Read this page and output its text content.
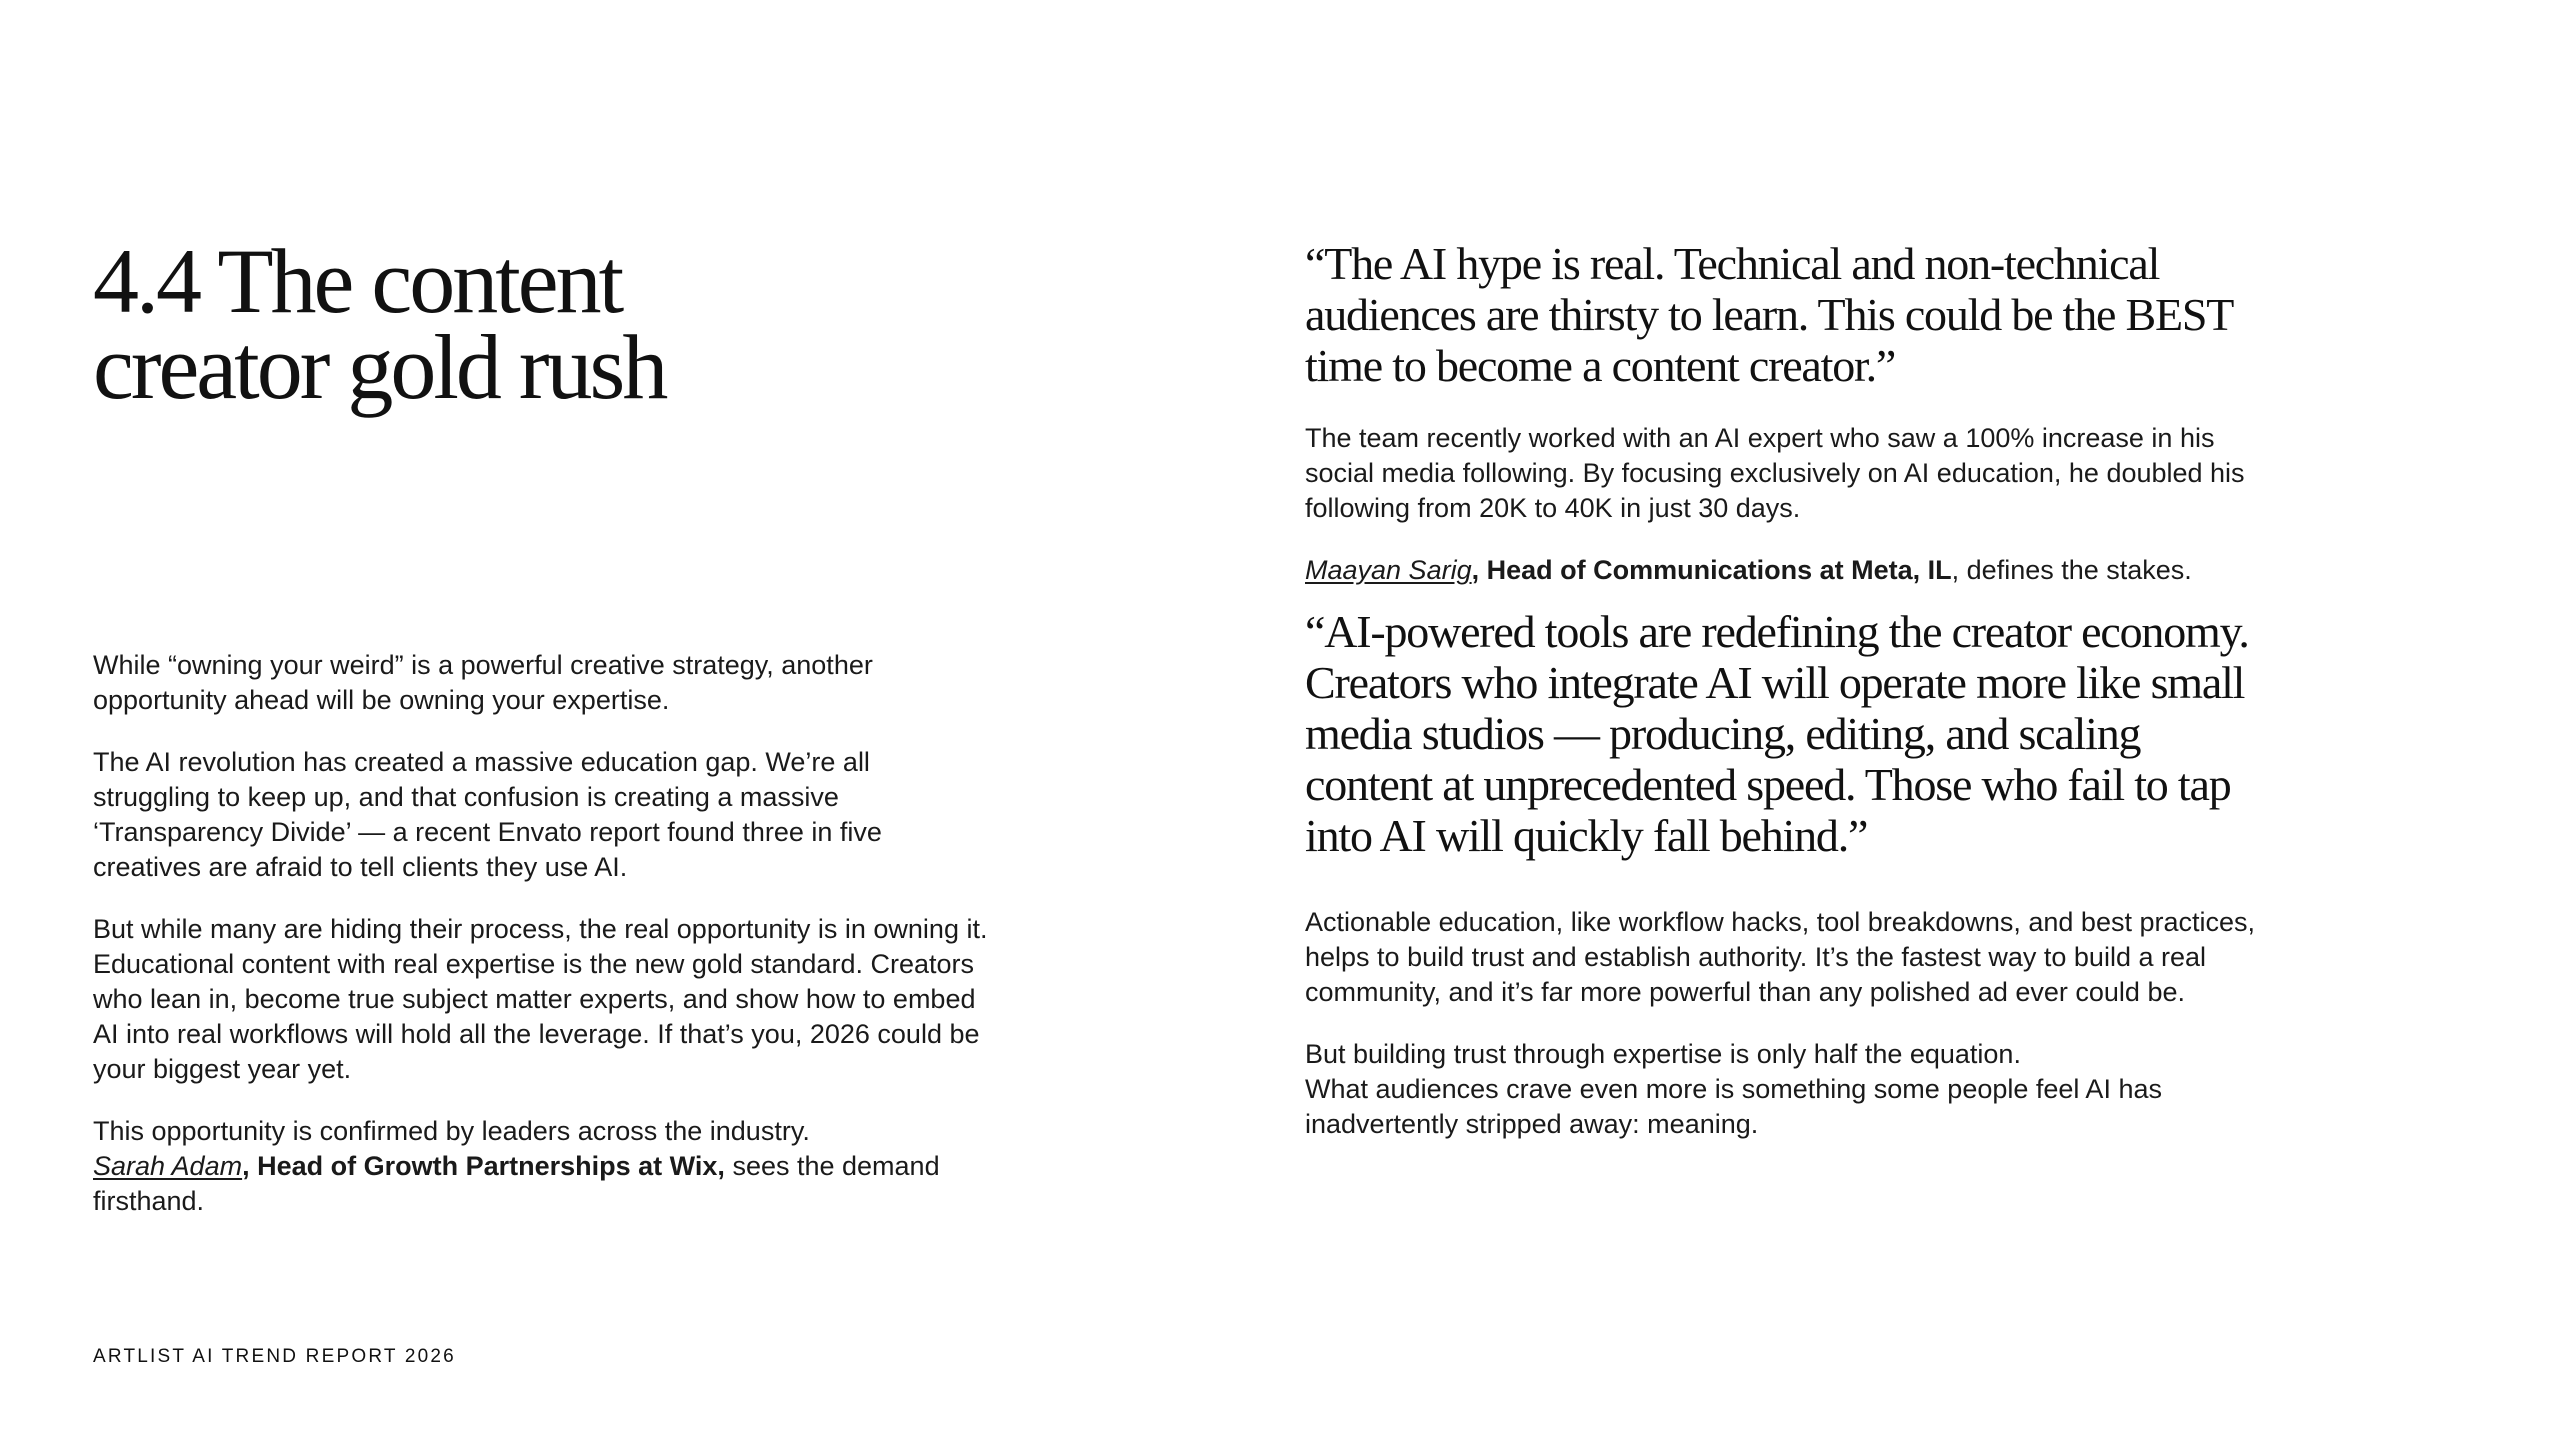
4.4 The content
creator gold rush

While “owning your weird” is a powerful creative strategy, another opportunity ahead will be owning your expertise.

The AI revolution has created a massive education gap. We’re all struggling to keep up, and that confusion is creating a massive ‘Transparency Divide’ — a recent Envato report found three in five creatives are afraid to tell clients they use AI.

But while many are hiding their process, the real opportunity is in owning it. Educational content with real expertise is the new gold standard. Creators who lean in, become true subject matter experts, and show how to embed AI into real workflows will hold all the leverage. If that’s you, 2026 could be your biggest year yet.

This opportunity is confirmed by leaders across the industry.
Sarah Adam, Head of Growth Partnerships at Wix, sees the demand firsthand.

“The AI hype is real. Technical and non-technical audiences are thirsty to learn. This could be the BEST time to become a content creator.”

The team recently worked with an AI expert who saw a 100% increase in his social media following. By focusing exclusively on AI education, he doubled his following from 20K to 40K in just 30 days.

Maayan Sarig, Head of Communications at Meta, IL, defines the stakes.

“AI-powered tools are redefining the creator economy. Creators who integrate AI will operate more like small media studios — producing, editing, and scaling content at unprecedented speed. Those who fail to tap into AI will quickly fall behind.”

Actionable education, like workflow hacks, tool breakdowns, and best practices, helps to build trust and establish authority. It’s the fastest way to build a real community, and it’s far more powerful than any polished ad ever could be.

But building trust through expertise is only half the equation.
What audiences crave even more is something some people feel AI has inadvertently stripped away: meaning.

ARTLIST AI TREND REPORT 2026
